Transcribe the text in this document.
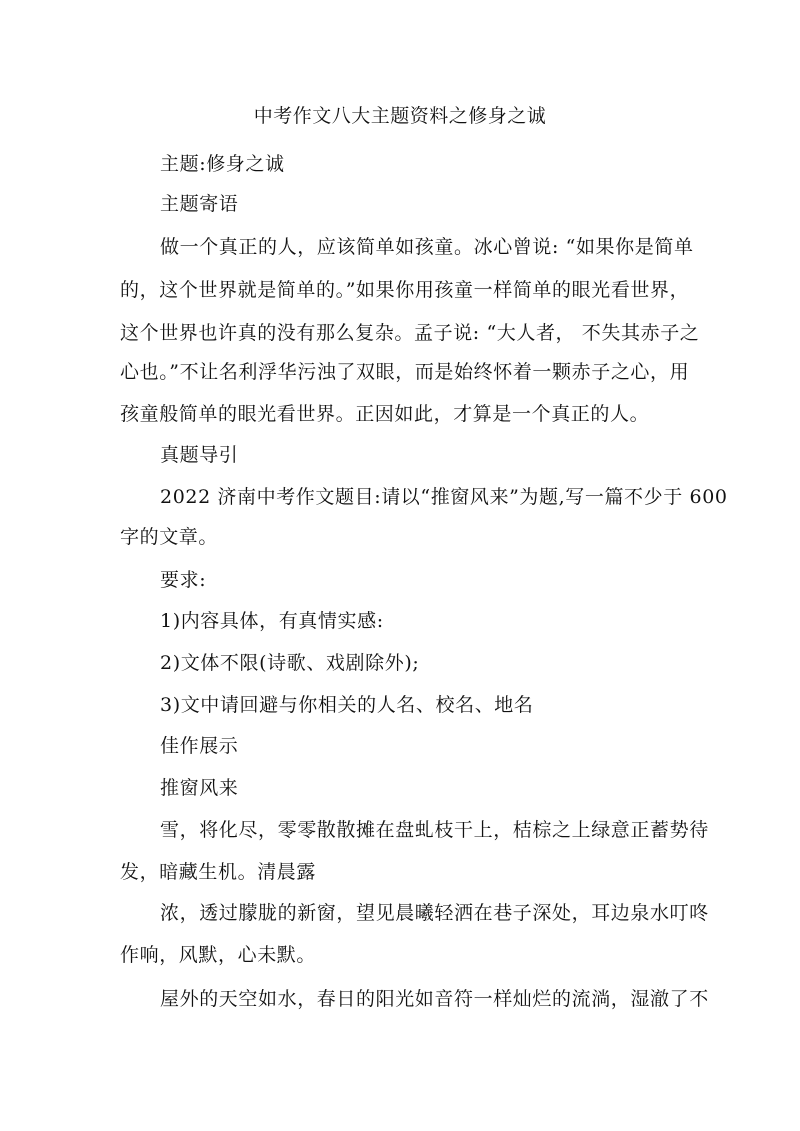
中考作文八大主题资料之修身之诚
主题:修身之诚
主题寄语
做一个真正的人，应该简单如孩童。冰心曾说: “如果你是简单
的，这个世界就是简单的。”如果你用孩童一样简单的眼光看世界，
这个世界也许真的没有那么复杂。孟子说: “大人者， 不失其赤子之
心也。”不让名利浮华污浊了双眼，而是始终怀着一颗赤子之心，用
孩童般简单的眼光看世界。正因如此，才算是一个真正的人。
真题导引
2022 济南中考作文题目:请以“推窗风来”为题,写一篇不少于 600
字的文章。
要求:
1)内容具体，有真情实感:
2)文体不限(诗歌、戏剧除外);
3)文中请回避与你相关的人名、校名、地名
佳作展示
推窗风来
雪，将化尽，零零散散摊在盘虬枝干上，桔棕之上绿意正蓄势待
发，暗藏生机。清晨露
浓，透过朦胧的新窗，望见晨曦轻洒在巷子深处，耳边泉水叮咚
作响，风默，心未默。
屋外的天空如水，春日的阳光如音符一样灿烂的流淌，湿澈了不
